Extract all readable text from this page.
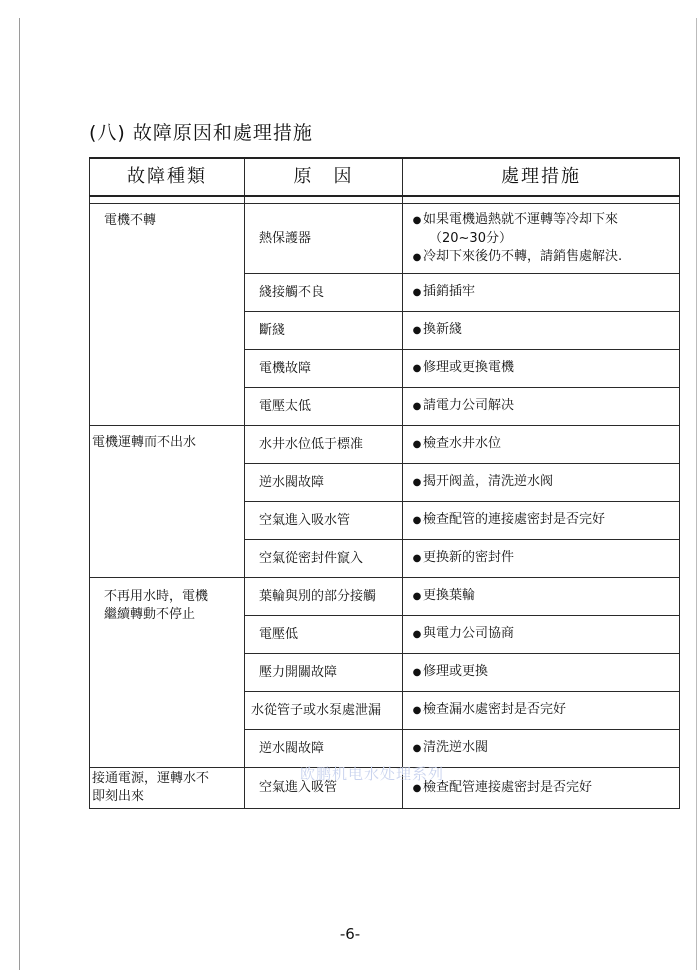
(八) 故障原因和處理措施
故障種類	原　因	處理措施

電機不轉	熱保護器	● 如果電機過熱就不運轉等冷却下來
（20~30分）
● 冷却下來後仍不轉，請銷售處解決.

	綫接觸不良	● 插銷插牢
	斷綫	● 換新綫
	電機故障	● 修理或更換電機
	電壓太低	● 請電力公司解决

電機運轉而不出水	水井水位低于標准	● 檢查水井水位
	逆水閥故障	● 揭开阀盖，清洗逆水阀
	空氣進入吸水管	● 檢查配管的連接處密封是否完好
	空氣從密封件竄入	● 更换新的密封件

不再用水時，電機
繼續轉動不停止	葉輪與別的部分接觸	● 更換葉輪
	電壓低	● 與電力公司協商
	壓力開關故障	● 修理或更換
	水從管子或水泵處泄漏	● 檢查漏水處密封是否完好
	逆水閥故障	● 清洗逆水閥

接通電源，運轉水不
即刻出來	空氣進入吸管	● 檢查配管連接處密封是否完好
欧鹏机电水处理系列
-6-
